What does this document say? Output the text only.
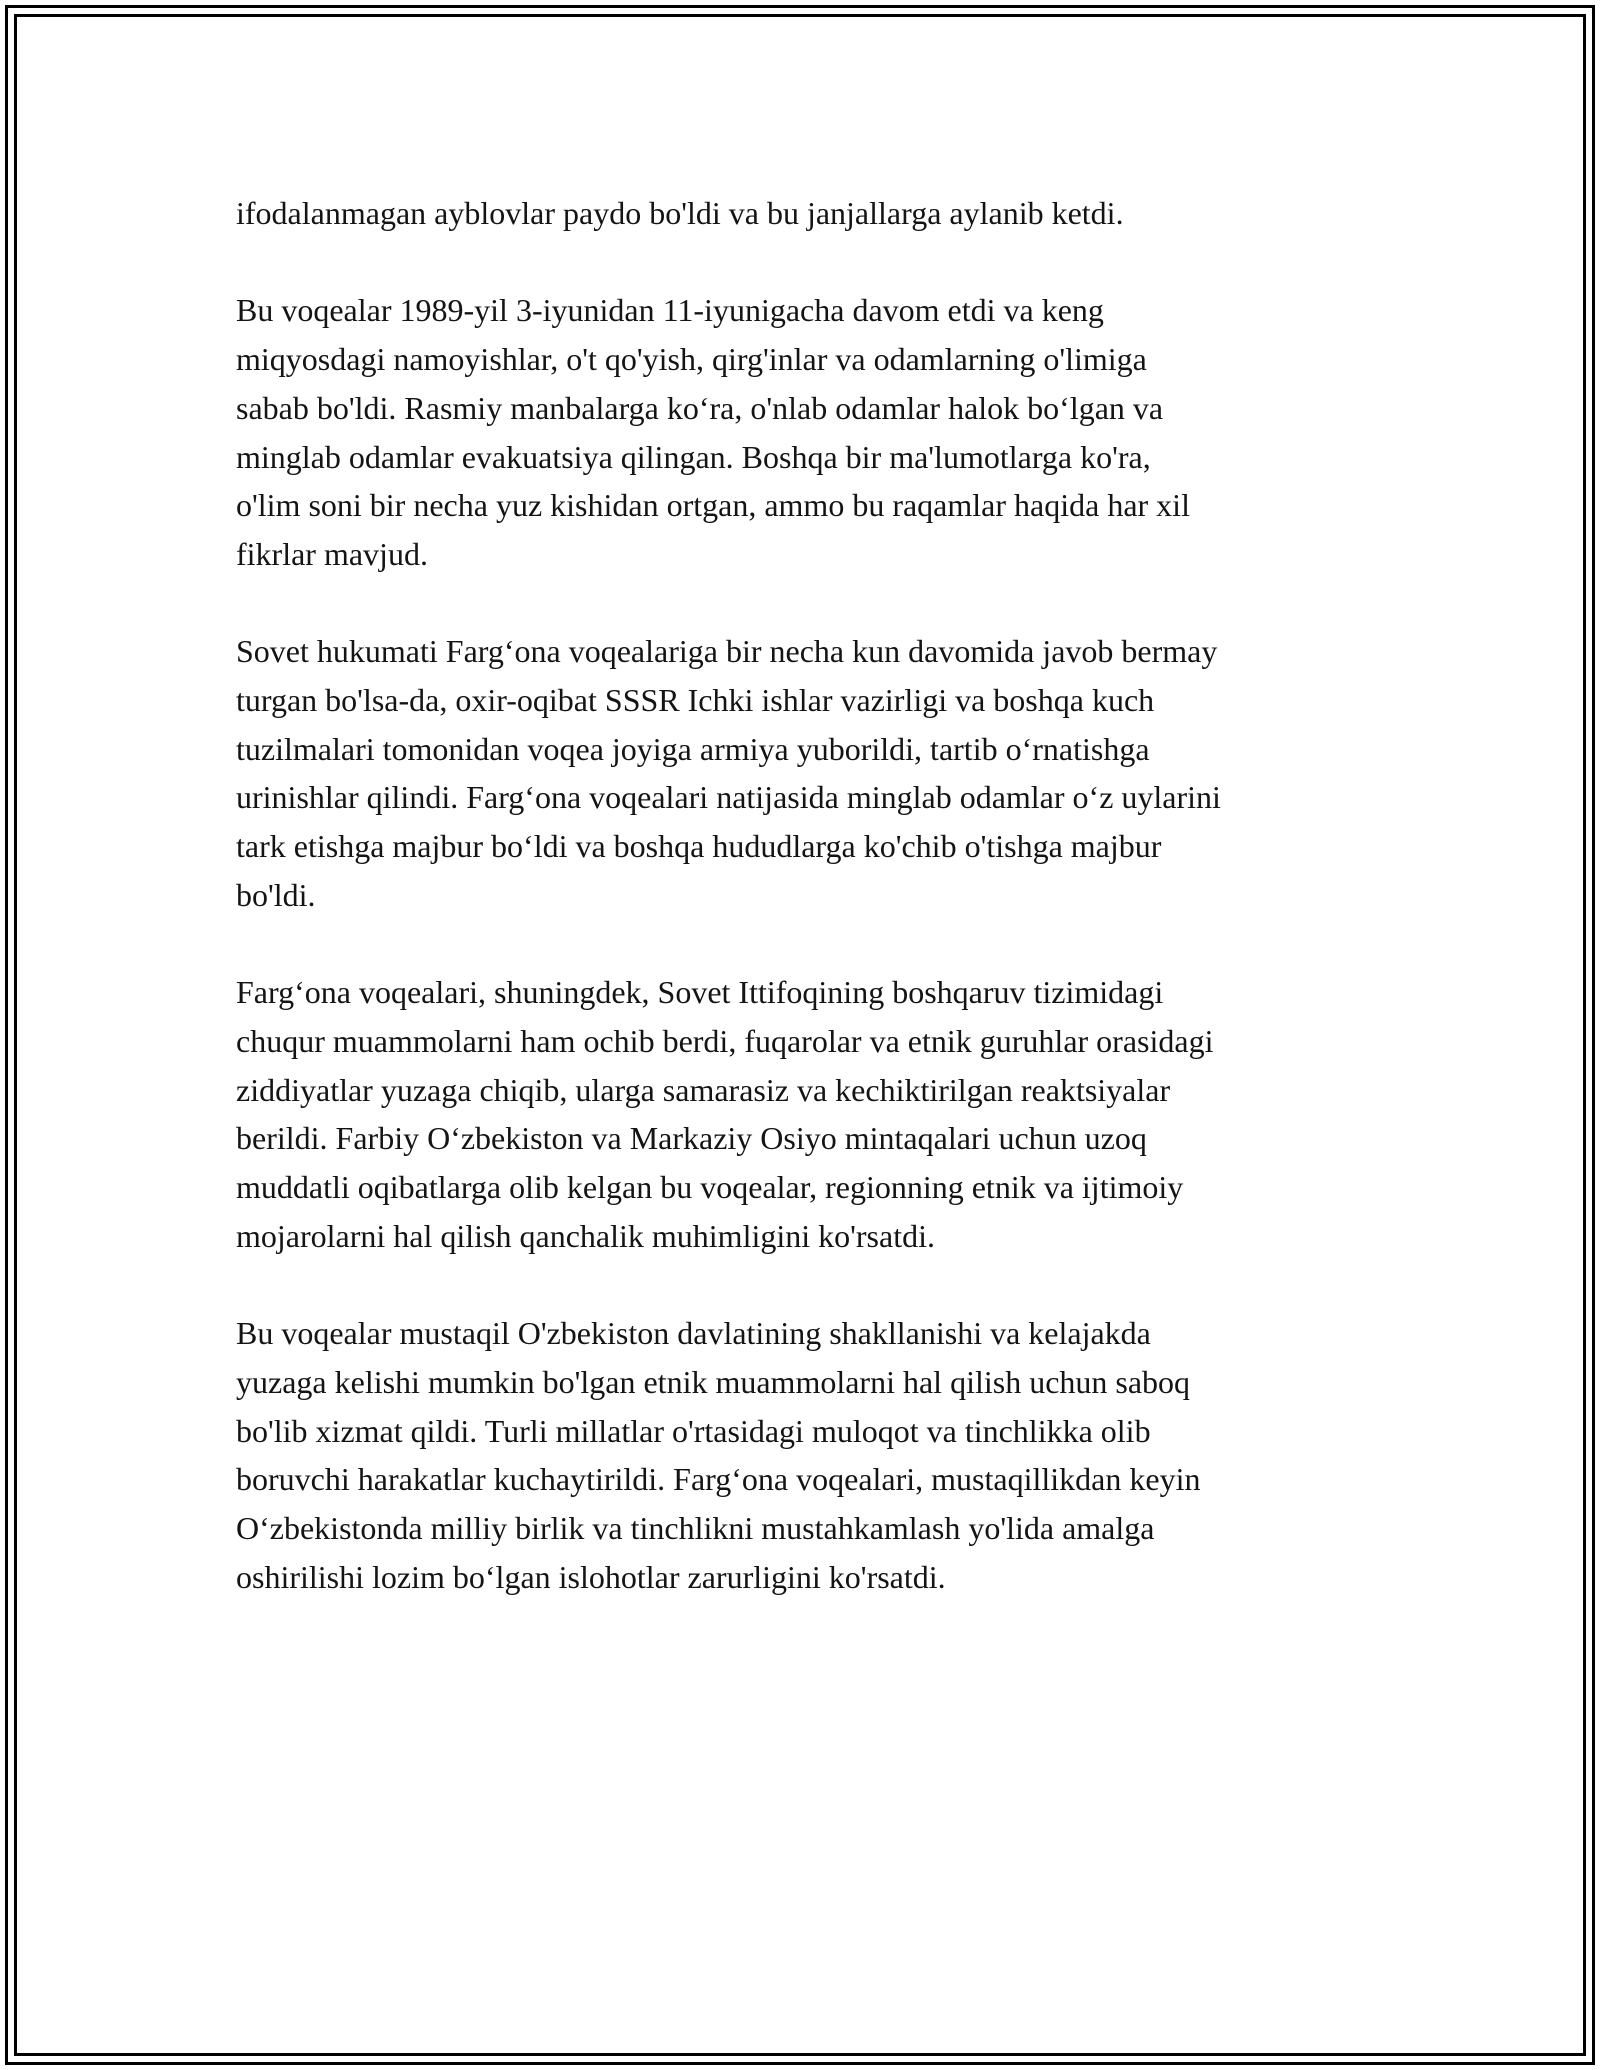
ifodalanmagan ayblovlar paydo bo'ldi va bu janjallarga aylanib ketdi.

Bu voqealar 1989-yil 3-iyunidan 11-iyunigacha davom etdi va keng
miqyosdagi namoyishlar, o't qo'yish, qirg'inlar va odamlarning o'limiga
sabab bo'ldi. Rasmiy manbalarga ko‘ra, o'nlab odamlar halok bo‘lgan va
minglab odamlar evakuatsiya qilingan. Boshqa bir ma'lumotlarga ko'ra,
o'lim soni bir necha yuz kishidan ortgan, ammo bu raqamlar haqida har xil
fikrlar mavjud.

Sovet hukumati Farg‘ona voqealariga bir necha kun davomida javob bermay
turgan bo'lsa-da, oxir-oqibat SSSR Ichki ishlar vazirligi va boshqa kuch
tuzilmalari tomonidan voqea joyiga armiya yuborildi, tartib o‘rnatishga
urinishlar qilindi. Farg‘ona voqealari natijasida minglab odamlar o‘z uylarini
tark etishga majbur bo‘ldi va boshqa hududlarga ko'chib o'tishga majbur
bo'ldi.

Farg‘ona voqealari, shuningdek, Sovet Ittifoqining boshqaruv tizimidagi
chuqur muammolarni ham ochib berdi, fuqarolar va etnik guruhlar orasidagi
ziddiyatlar yuzaga chiqib, ularga samarasiz va kechiktirilgan reaktsiyalar
berildi. Farbiy O‘zbekiston va Markaziy Osiyo mintaqalari uchun uzoq
muddatli oqibatlarga olib kelgan bu voqealar, regionning etnik va ijtimoiy
mojarolarni hal qilish qanchalik muhimligini ko'rsatdi.

Bu voqealar mustaqil O'zbekiston davlatining shakllanishi va kelajakda
yuzaga kelishi mumkin bo'lgan etnik muammolarni hal qilish uchun saboq
bo'lib xizmat qildi. Turli millatlar o'rtasidagi muloqot va tinchlikka olib
boruvchi harakatlar kuchaytirildi. Farg‘ona voqealari, mustaqillikdan keyin
O‘zbekistonda milliy birlik va tinchlikni mustahkamlash yo'lida amalga
oshirilishi lozim bo‘lgan islohotlar zarurligini ko'rsatdi.
